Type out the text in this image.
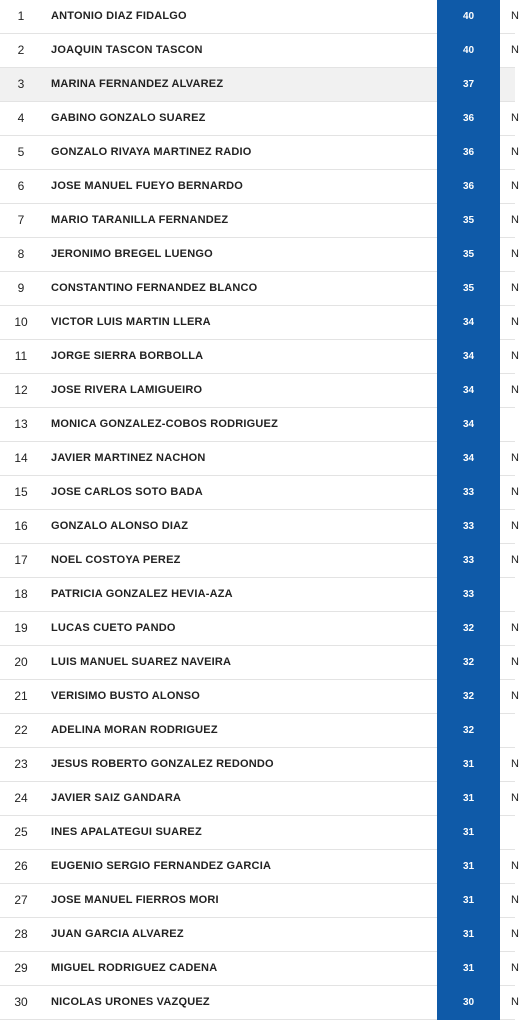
1	ANTONIO DIAZ FIDALGO	40	N
2	JOAQUIN TASCON TASCON	40	N
3	MARINA FERNANDEZ ALVAREZ	37
4	GABINO GONZALO SUAREZ	36	N
5	GONZALO RIVAYA MARTINEZ RADIO	36	N
6	JOSE MANUEL FUEYO BERNARDO	36	N
7	MARIO TARANILLA FERNANDEZ	35	N
8	JERONIMO BREGEL LUENGO	35	N
9	CONSTANTINO FERNANDEZ BLANCO	35	N
10	VICTOR LUIS MARTIN LLERA	34	N
11	JORGE SIERRA BORBOLLA	34	N
12	JOSE RIVERA LAMIGUEIRO	34	N
13	MONICA GONZALEZ-COBOS RODRIGUEZ	34
14	JAVIER MARTINEZ NACHON	34	N
15	JOSE CARLOS SOTO BADA	33	N
16	GONZALO ALONSO DIAZ	33	N
17	NOEL COSTOYA PEREZ	33	N
18	PATRICIA GONZALEZ HEVIA-AZA	33
19	LUCAS CUETO PANDO	32	N
20	LUIS MANUEL SUAREZ NAVEIRA	32	N
21	VERISIMO BUSTO ALONSO	32	N
22	ADELINA MORAN RODRIGUEZ	32
23	JESUS ROBERTO GONZALEZ REDONDO	31	N
24	JAVIER SAIZ GANDARA	31	N
25	INES APALATEGUI SUAREZ	31
26	EUGENIO SERGIO FERNANDEZ GARCIA	31	N
27	JOSE MANUEL FIERROS MORI	31	N
28	JUAN GARCIA ALVAREZ	31	N
29	MIGUEL RODRIGUEZ CADENA	31	N
30	NICOLAS URONES VAZQUEZ	30	N
